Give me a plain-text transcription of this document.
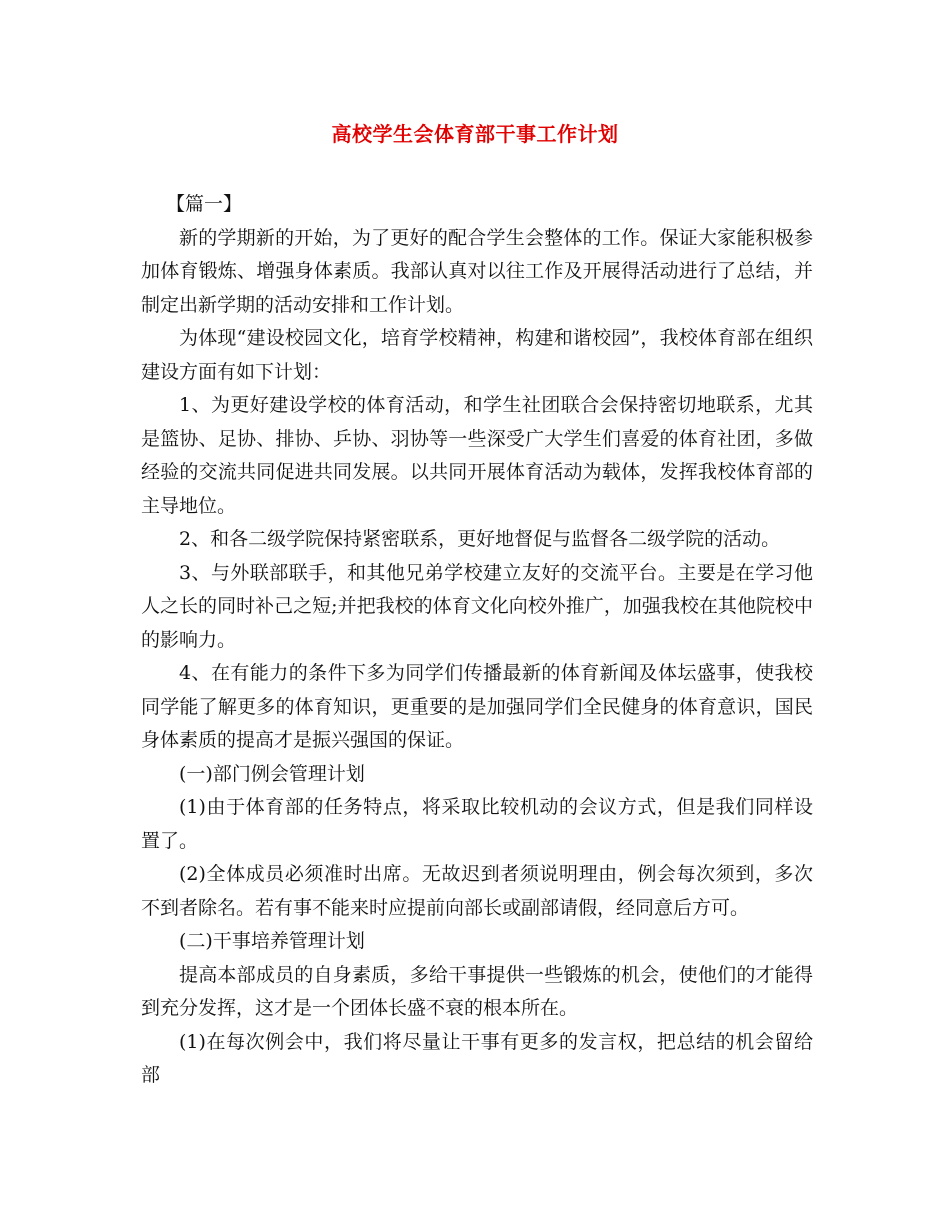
高校学生会体育部干事工作计划

【篇一】

新的学期新的开始，为了更好的配合学生会整体的工作。保证大家能积极参加体育锻炼、增强身体素质。我部认真对以往工作及开展得活动进行了总结，并制定出新学期的活动安排和工作计划。

为体现“建设校园文化，培育学校精神，构建和谐校园”，我校体育部在组织建设方面有如下计划：

1、为更好建设学校的体育活动，和学生社团联合会保持密切地联系，尤其是篮协、足协、排协、乒协、羽协等一些深受广大学生们喜爱的体育社团，多做经验的交流共同促进共同发展。以共同开展体育活动为载体，发挥我校体育部的主导地位。

2、和各二级学院保持紧密联系，更好地督促与监督各二级学院的活动。

3、与外联部联手，和其他兄弟学校建立友好的交流平台。主要是在学习他人之长的同时补己之短;并把我校的体育文化向校外推广，加强我校在其他院校中的影响力。

4、在有能力的条件下多为同学们传播最新的体育新闻及体坛盛事，使我校同学能了解更多的体育知识，更重要的是加强同学们全民健身的体育意识，国民身体素质的提高才是振兴强国的保证。

(一)部门例会管理计划

(1)由于体育部的任务特点，将采取比较机动的会议方式，但是我们同样设置了。

(2)全体成员必须准时出席。无故迟到者须说明理由，例会每次须到，多次不到者除名。若有事不能来时应提前向部长或副部请假，经同意后方可。

(二)干事培养管理计划

提高本部成员的自身素质，多给干事提供一些锻炼的机会，使他们的才能得到充分发挥，这才是一个团体长盛不衰的根本所在。

(1)在每次例会中，我们将尽量让干事有更多的发言权，把总结的机会留给部
